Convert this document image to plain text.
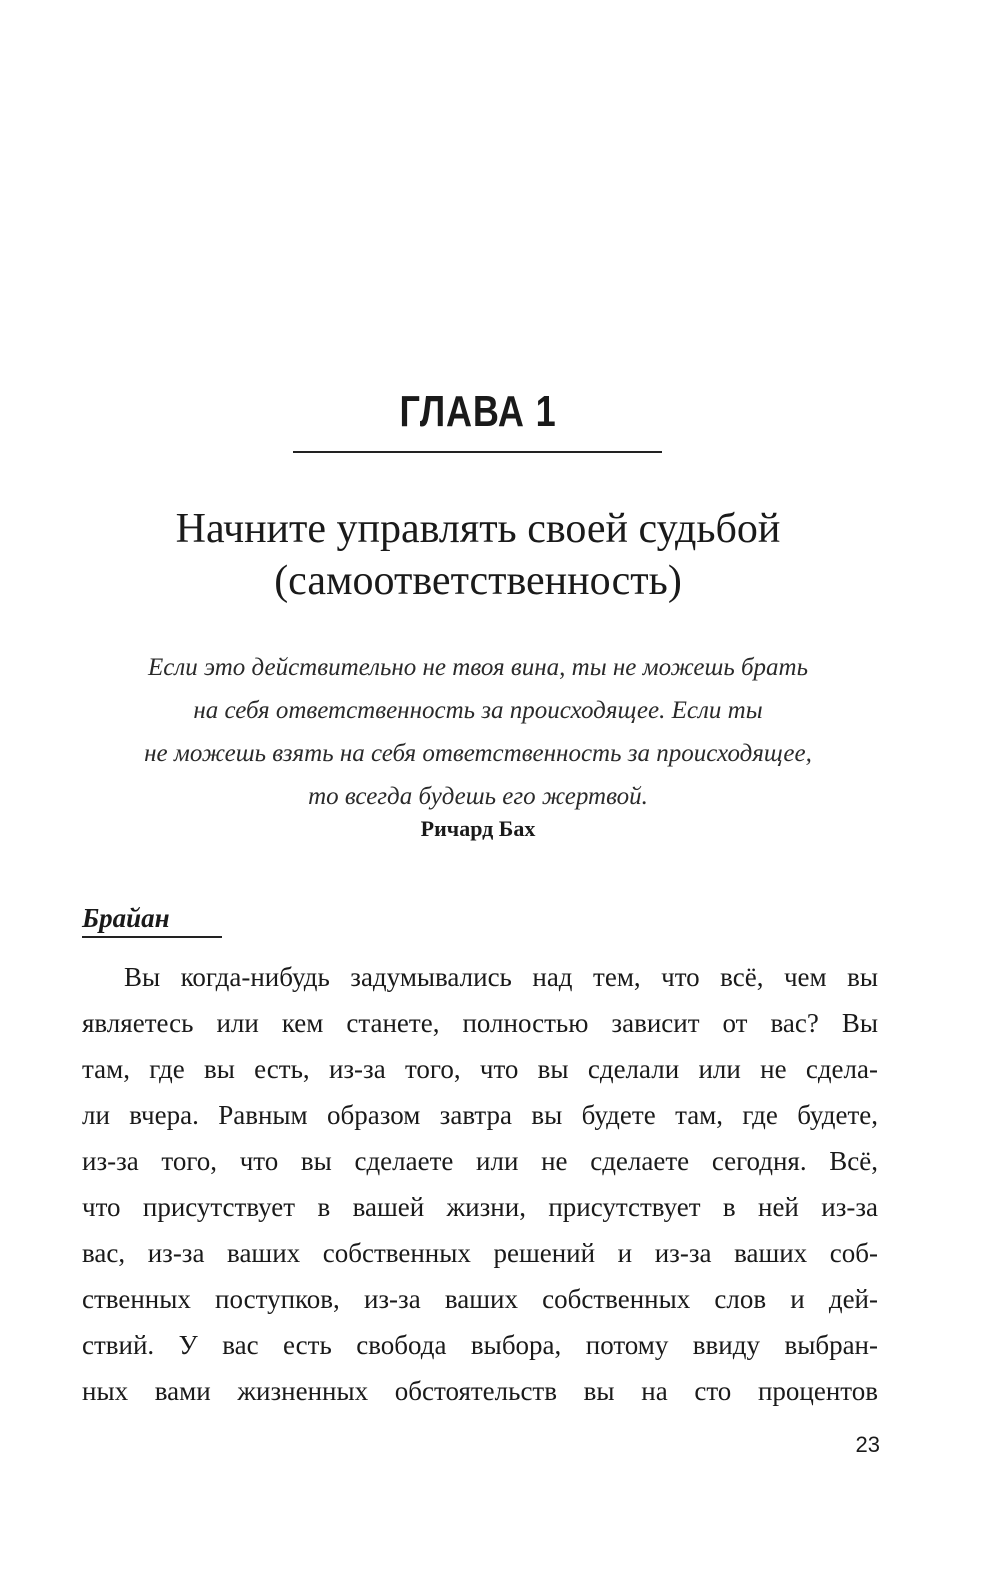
ГЛАВА 1
Начните управлять своей судьбой
(самоответственность)
Если это действительно не твоя вина, ты не можешь брать
на себя ответственность за происходящее. Если ты
не можешь взять на себя ответственность за происходящее,
то всегда будешь его жертвой.
Ричард Бах
Брайан
Вы когда-нибудь задумывались над тем, что всё, чем вы
являетесь или кем станете, полностью зависит от вас? Вы
там, где вы есть, из-за того, что вы сделали или не сдела-
ли вчера. Равным образом завтра вы будете там, где будете,
из-за того, что вы сделаете или не сделаете сегодня. Всё,
что присутствует в вашей жизни, присутствует в ней из-за
вас, из-за ваших собственных решений и из-за ваших соб-
ственных поступков, из-за ваших собственных слов и дей-
ствий. У вас есть свобода выбора, потому ввиду выбран-
ных вами жизненных обстоятельств вы на сто процентов
23
